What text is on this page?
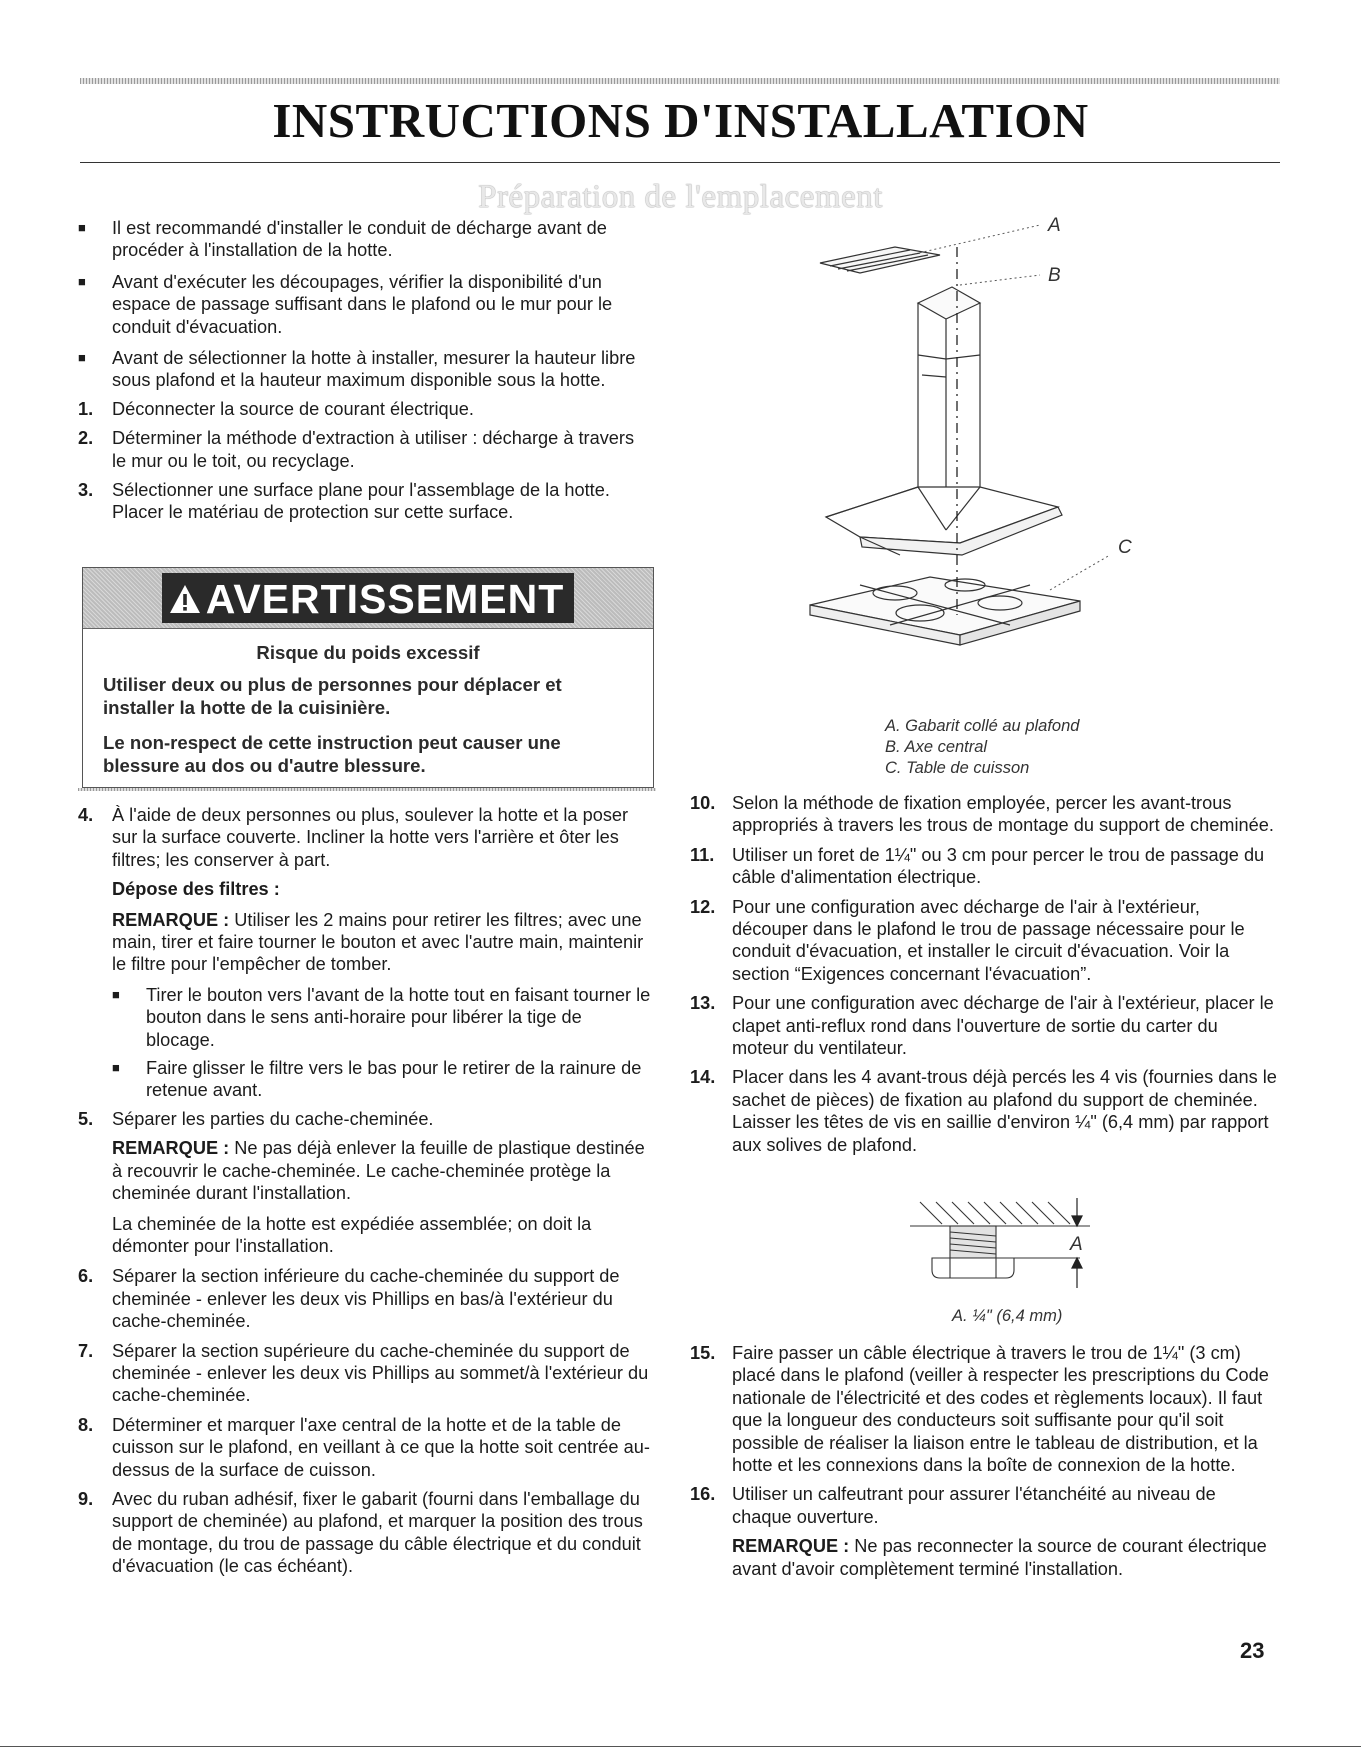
INSTRUCTIONS D'INSTALLATION
Préparation de l'emplacement
■ Il est recommandé d'installer le conduit de décharge avant de procéder à l'installation de la hotte.
■ Avant d'exécuter les découpages, vérifier la disponibilité d'un espace de passage suffisant dans le plafond ou le mur pour le conduit d'évacuation.
■ Avant de sélectionner la hotte à installer, mesurer la hauteur libre sous plafond et la hauteur maximum disponible sous la hotte.
1. Déconnecter la source de courant électrique.
2. Déterminer la méthode d'extraction à utiliser : décharge à travers le mur ou le toit, ou recyclage.
3. Sélectionner une surface plane pour l'assemblage de la hotte. Placer le matériau de protection sur cette surface.
AVERTISSEMENT
Risque du poids excessif

Utiliser deux ou plus de personnes pour déplacer et installer la hotte de la cuisinière.

Le non-respect de cette instruction peut causer une blessure au dos ou d'autre blessure.

4. À l'aide de deux personnes ou plus, soulever la hotte et la poser sur la surface couverte. Incliner la hotte vers l'arrière et ôter les filtres; les conserver à part.
Dépose des filtres :
REMARQUE : Utiliser les 2 mains pour retirer les filtres; avec une main, tirer et faire tourner le bouton et avec l'autre main, maintenir le filtre pour l'empêcher de tomber.
■ Tirer le bouton vers l'avant de la hotte tout en faisant tourner le bouton dans le sens anti-horaire pour libérer la tige de blocage.
■ Faire glisser le filtre vers le bas pour le retirer de la rainure de retenue avant.
5. Séparer les parties du cache-cheminée.
REMARQUE : Ne pas déjà enlever la feuille de plastique destinée à recouvrir le cache-cheminée. Le cache-cheminée protège la cheminée durant l'installation.
La cheminée de la hotte est expédiée assemblée; on doit la démonter pour l'installation.
6. Séparer la section inférieure du cache-cheminée du support de cheminée - enlever les deux vis Phillips en bas/à l'extérieur du cache-cheminée.
7. Séparer la section supérieure du cache-cheminée du support de cheminée - enlever les deux vis Phillips au sommet/à l'extérieur du cache-cheminée.
8. Déterminer et marquer l'axe central de la hotte et de la table de cuisson sur le plafond, en veillant à ce que la hotte soit centrée au-dessus de la surface de cuisson.
9. Avec du ruban adhésif, fixer le gabarit (fourni dans l'emballage du support de cheminée) au plafond, et marquer la position des trous de montage, du trou de passage du câble électrique et du conduit d'évacuation (le cas échéant).
A
B
C
A. Gabarit collé au plafond
B. Axe central
C. Table de cuisson
10. Selon la méthode de fixation employée, percer les avant-trous appropriés à travers les trous de montage du support de cheminée.
11. Utiliser un foret de 1¼" ou 3 cm pour percer le trou de passage du câble d'alimentation électrique.
12. Pour une configuration avec décharge de l'air à l'extérieur, découper dans le plafond le trou de passage nécessaire pour le conduit d'évacuation, et installer le circuit d'évacuation. Voir la section “Exigences concernant l'évacuation”.
13. Pour une configuration avec décharge de l'air à l'extérieur, placer le clapet anti-reflux rond dans l'ouverture de sortie du carter du moteur du ventilateur.
14. Placer dans les 4 avant-trous déjà percés les 4 vis (fournies dans le sachet de pièces) de fixation au plafond du support de cheminée. Laisser les têtes de vis en saillie d'environ ¼" (6,4 mm) par rapport aux solives de plafond.
A
A. ¼" (6,4 mm)
15. Faire passer un câble électrique à travers le trou de 1¼" (3 cm) placé dans le plafond (veiller à respecter les prescriptions du Code nationale de l'électricité et des codes et règlements locaux). Il faut que la longueur des conducteurs soit suffisante pour qu'il soit possible de réaliser la liaison entre le tableau de distribution, et la hotte et les connexions dans la boîte de connexion de la hotte.
16. Utiliser un calfeutrant pour assurer l'étanchéité au niveau de chaque ouverture.
REMARQUE : Ne pas reconnecter la source de courant électrique avant d'avoir complètement terminé l'installation.
23
